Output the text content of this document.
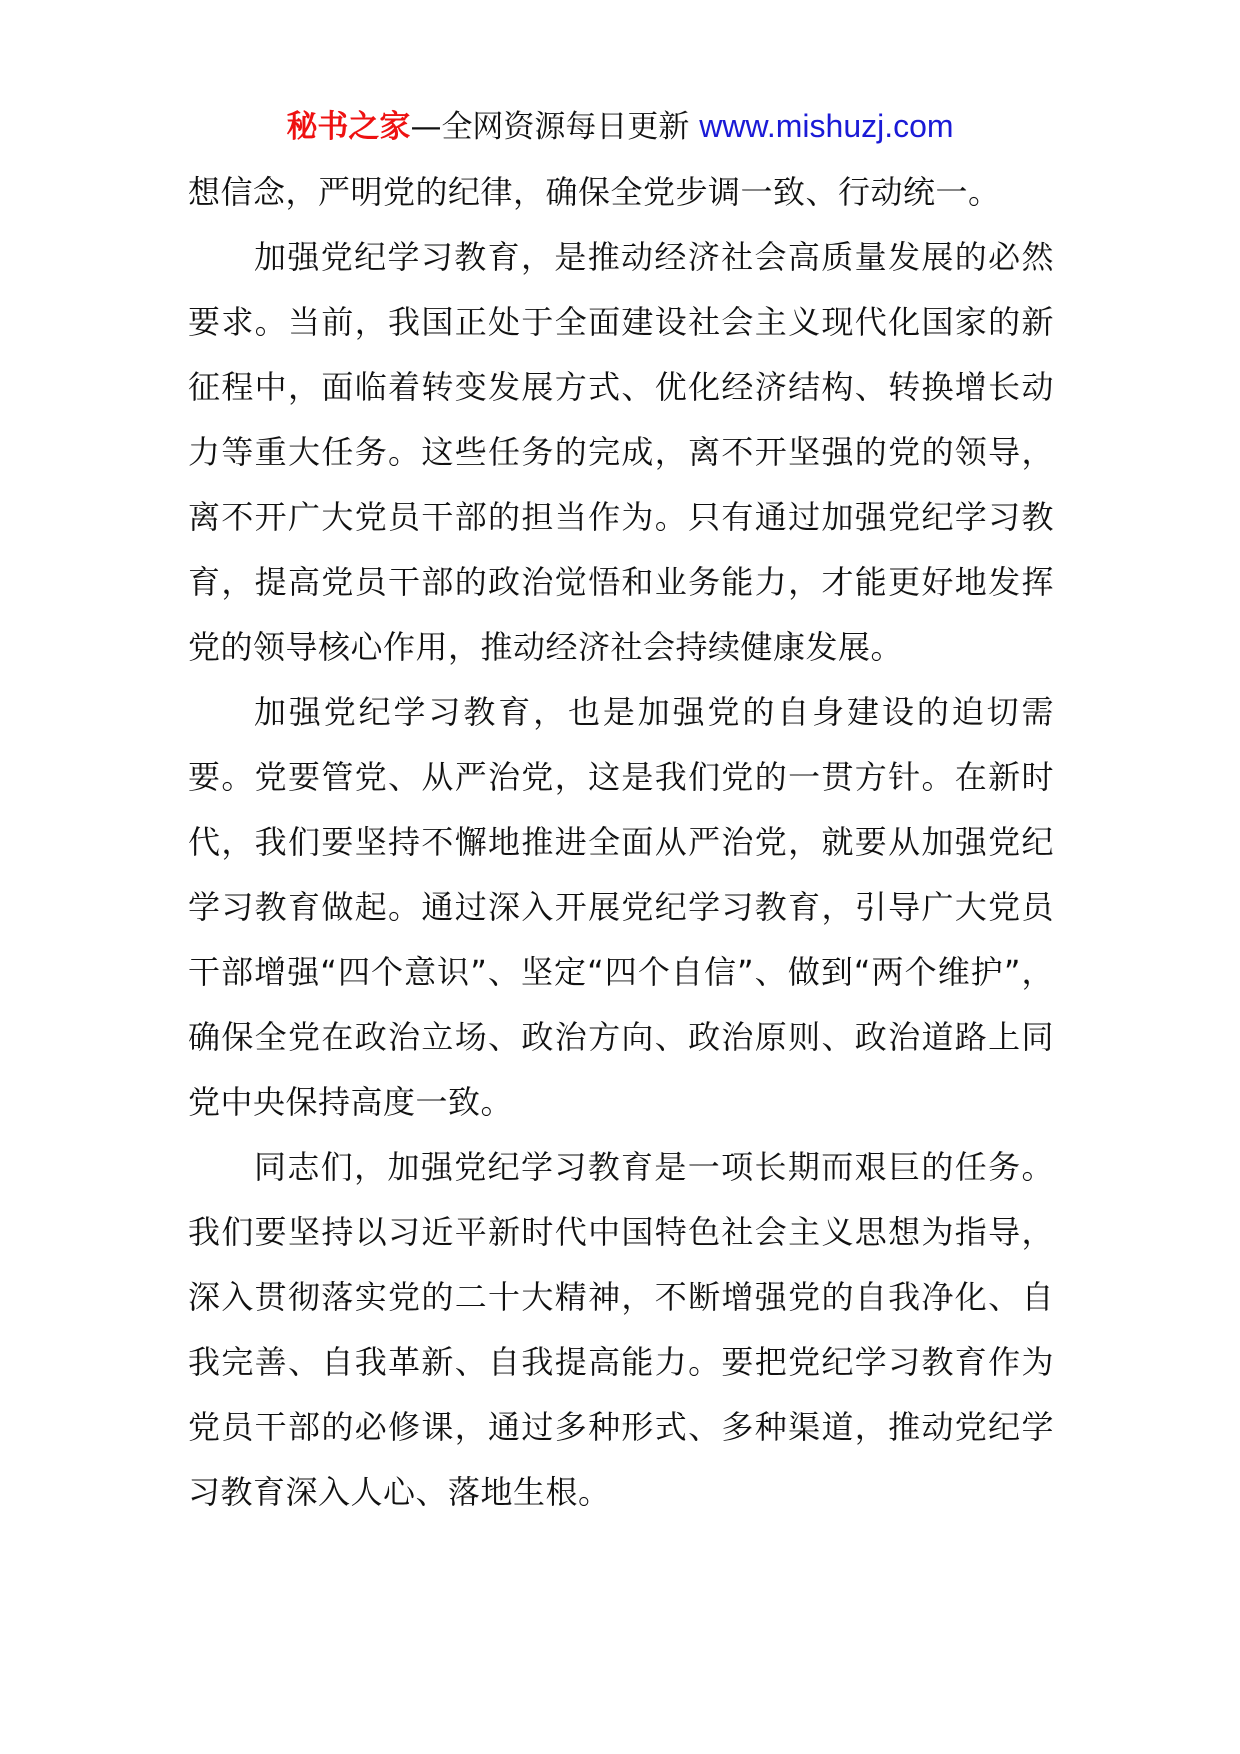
秘书之家—全网资源每日更新 www.mishuzj.com

想信念，严明党的纪律，确保全党步调一致、行动统一。

加强党纪学习教育，是推动经济社会高质量发展的必然要求。当前，我国正处于全面建设社会主义现代化国家的新征程中，面临着转变发展方式、优化经济结构、转换增长动力等重大任务。这些任务的完成，离不开坚强的党的领导，离不开广大党员干部的担当作为。只有通过加强党纪学习教育，提高党员干部的政治觉悟和业务能力，才能更好地发挥党的领导核心作用，推动经济社会持续健康发展。

加强党纪学习教育，也是加强党的自身建设的迫切需要。党要管党、从严治党，这是我们党的一贯方针。在新时代，我们要坚持不懈地推进全面从严治党，就要从加强党纪学习教育做起。通过深入开展党纪学习教育，引导广大党员干部增强“四个意识”、坚定“四个自信”、做到“两个维护”，确保全党在政治立场、政治方向、政治原则、政治道路上同党中央保持高度一致。

同志们，加强党纪学习教育是一项长期而艰巨的任务。我们要坚持以习近平新时代中国特色社会主义思想为指导，深入贯彻落实党的二十大精神，不断增强党的自我净化、自我完善、自我革新、自我提高能力。要把党纪学习教育作为党员干部的必修课，通过多种形式、多种渠道，推动党纪学习教育深入人心、落地生根。
